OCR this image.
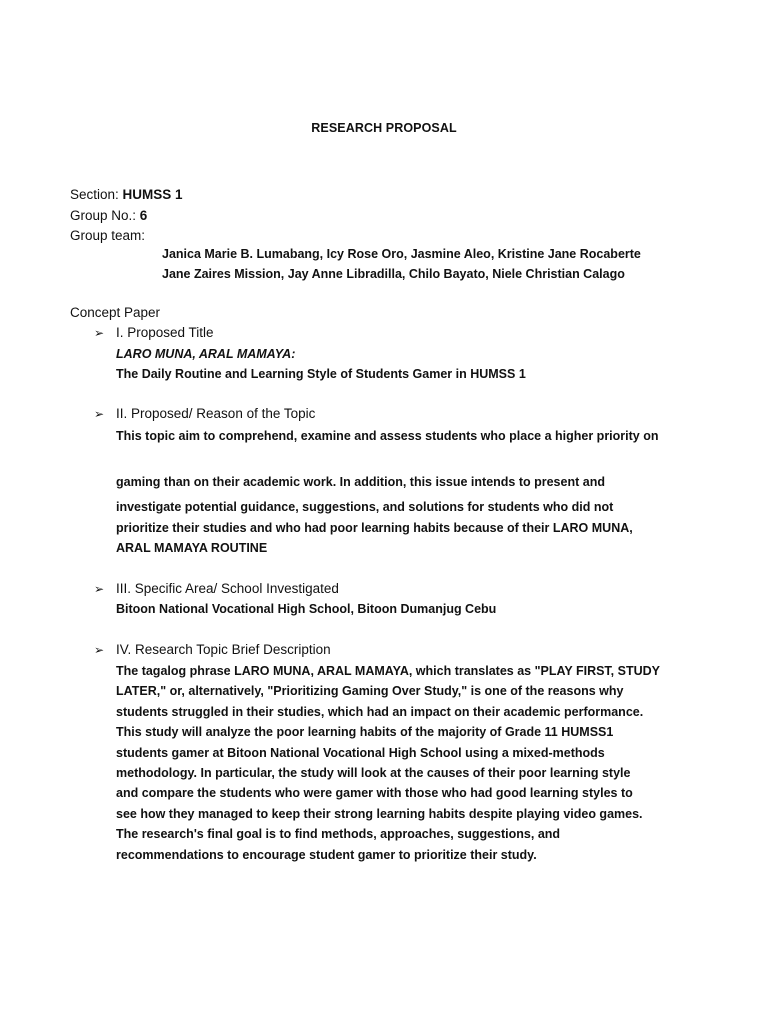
RESEARCH PROPOSAL
Section: HUMSS 1
Group No.: 6
Group team:
Janica Marie B. Lumabang, Icy Rose Oro, Jasmine Aleo, Kristine Jane Rocaberte
Jane Zaires Mission, Jay Anne Libradilla, Chilo Bayato, Niele Christian Calago
Concept Paper
➢ I. Proposed Title
LARO MUNA, ARAL MAMAYA:
The Daily Routine and Learning Style of Students Gamer in HUMSS 1
➢ II. Proposed/ Reason of the Topic
This topic aim to comprehend, examine and assess students who place a higher priority on
gaming than on their academic work. In addition, this issue intends to present and
investigate potential guidance, suggestions, and solutions for students who did not
prioritize their studies and who had poor learning habits because of their LARO MUNA,
ARAL MAMAYA ROUTINE
➢ III. Specific Area/ School Investigated
Bitoon National Vocational High School, Bitoon Dumanjug Cebu
➢ IV. Research Topic Brief Description
The tagalog phrase LARO MUNA, ARAL MAMAYA, which translates as "PLAY FIRST, STUDY
LATER," or, alternatively, "Prioritizing Gaming Over Study," is one of the reasons why
students struggled in their studies, which had an impact on their academic performance.
This study will analyze the poor learning habits of the majority of Grade 11 HUMSS1
students gamer at Bitoon National Vocational High School using a mixed-methods
methodology. In particular, the study will look at the causes of their poor learning style
and compare the students who were gamer with those who had good learning styles to
see how they managed to keep their strong learning habits despite playing video games.
The research's final goal is to find methods, approaches, suggestions, and
recommendations to encourage student gamer to prioritize their study.
